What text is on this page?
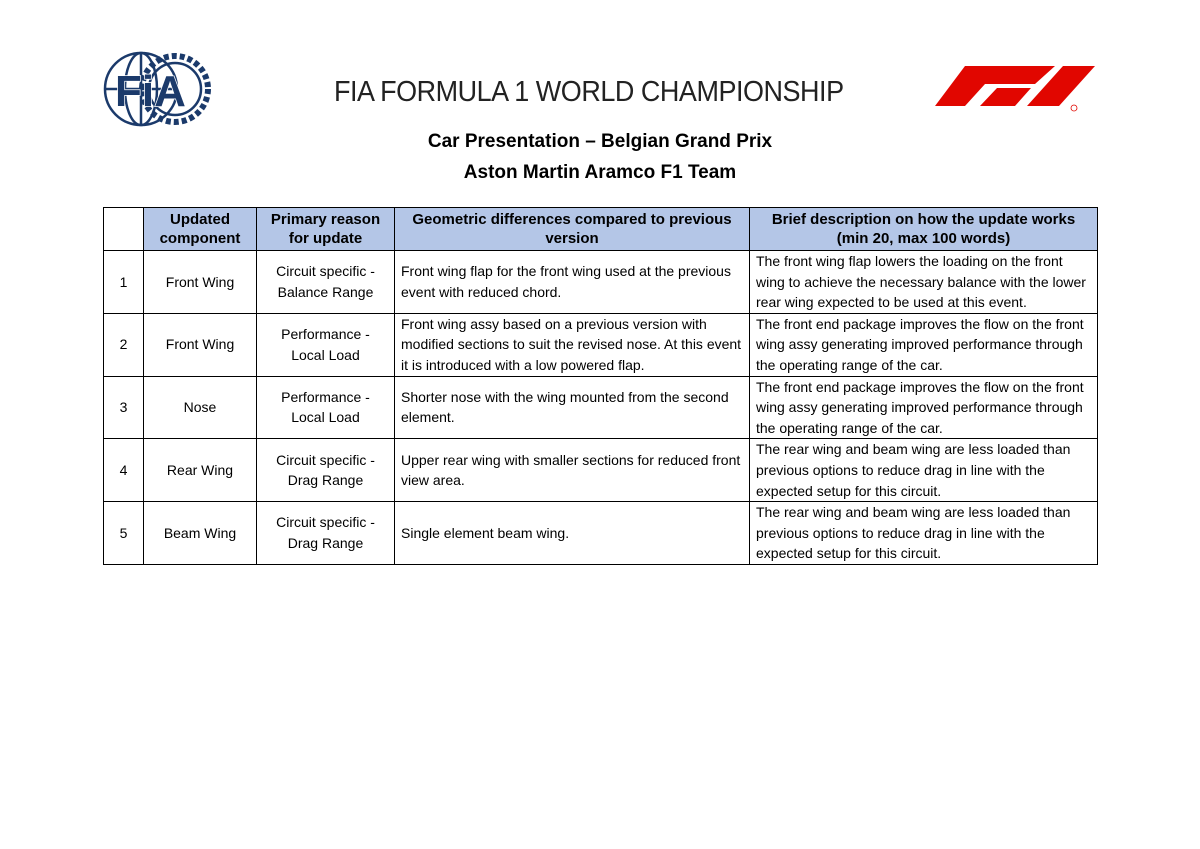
FiA	FIA FORMULA 1 WORLD CHAMPIONSHIP
Car Presentation – Belgian Grand Prix
Aston Martin Aramco F1 Team
	Updated component	Primary reason for update	Geometric differences compared to previous version	Brief description on how the update works (min 20, max 100 words)
1	Front Wing	Circuit specific - Balance Range	Front wing flap for the front wing used at the previous event with reduced chord.	The front wing flap lowers the loading on the front wing to achieve the necessary balance with the lower rear wing expected to be used at this event.
2	Front Wing	Performance - Local Load	Front wing assy based on a previous version with modified sections to suit the revised nose. At this event it is introduced with a low powered flap.	The front end package improves the flow on the front wing assy generating improved performance through the operating range of the car.
3	Nose	Performance - Local Load	Shorter nose with the wing mounted from the second element.	The front end package improves the flow on the front wing assy generating improved performance through the operating range of the car.
4	Rear Wing	Circuit specific - Drag Range	Upper rear wing with smaller sections for reduced front view area.	The rear wing and beam wing are less loaded than previous options to reduce drag in line with the expected setup for this circuit.
5	Beam Wing	Circuit specific - Drag Range	Single element beam wing.	The rear wing and beam wing are less loaded than previous options to reduce drag in line with the expected setup for this circuit.
